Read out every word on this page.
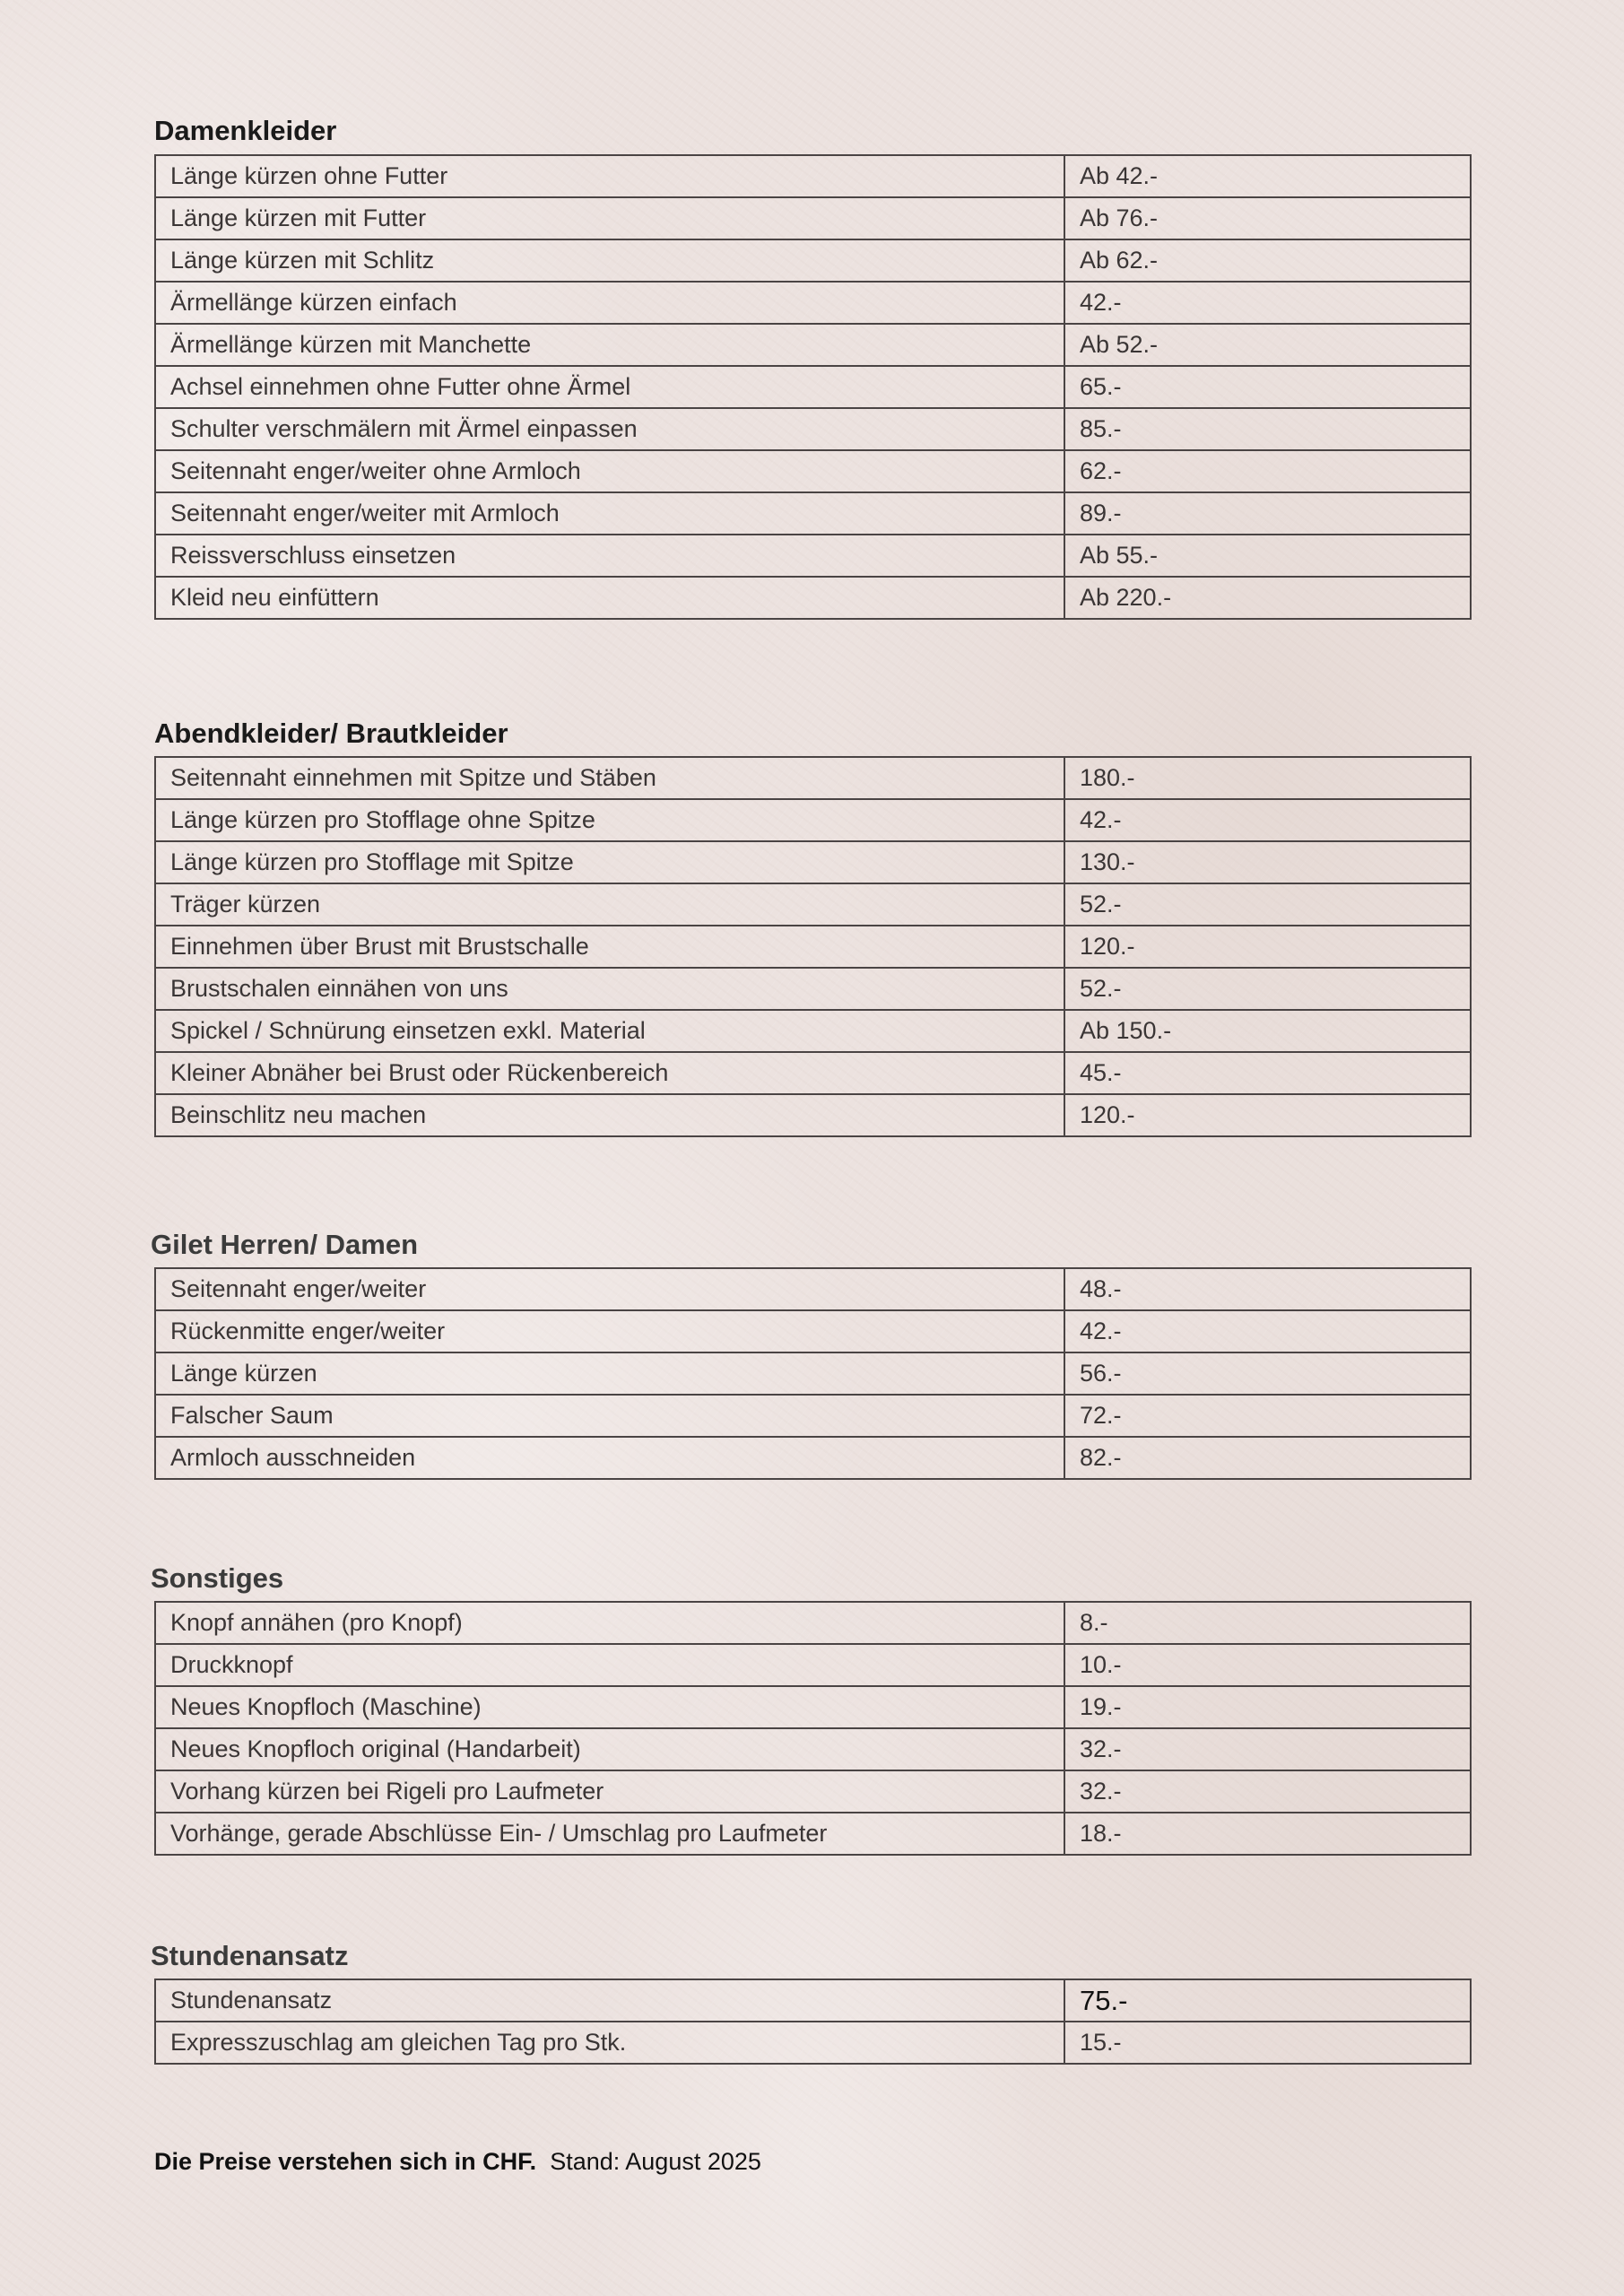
Damenkleider
Länge kürzen ohne Futter	Ab 42.-
Länge kürzen mit Futter	Ab 76.-
Länge kürzen mit Schlitz	Ab 62.-
Ärmellänge kürzen einfach	42.-
Ärmellänge kürzen mit Manchette	Ab 52.-
Achsel einnehmen ohne Futter ohne Ärmel	65.-
Schulter verschmälern mit Ärmel einpassen	85.-
Seitennaht enger/weiter ohne Armloch	62.-
Seitennaht enger/weiter mit Armloch	89.-
Reissverschluss einsetzen	Ab 55.-
Kleid neu einfüttern	Ab 220.-
Abendkleider/ Brautkleider
Seitennaht einnehmen mit Spitze und Stäben	180.-
Länge kürzen pro Stofflage ohne Spitze	42.-
Länge kürzen pro Stofflage mit Spitze	130.-
Träger kürzen	52.-
Einnehmen über Brust mit Brustschalle	120.-
Brustschalen einnähen von uns	52.-
Spickel / Schnürung einsetzen exkl. Material	Ab 150.-
Kleiner Abnäher bei Brust oder Rückenbereich	45.-
Beinschlitz neu machen	120.-
Gilet Herren/ Damen
Seitennaht enger/weiter	48.-
Rückenmitte enger/weiter	42.-
Länge kürzen	56.-
Falscher Saum	72.-
Armloch ausschneiden	82.-
Sonstiges
Knopf annähen (pro Knopf)	8.-
Druckknopf	10.-
Neues Knopfloch (Maschine)	19.-
Neues Knopfloch original (Handarbeit)	32.-
Vorhang kürzen bei Rigeli pro Laufmeter	32.-
Vorhänge, gerade Abschlüsse Ein- / Umschlag pro Laufmeter	18.-
Stundenansatz
Stundenansatz	75.-
Expresszuschlag am gleichen Tag pro Stk.	15.-
Die Preise verstehen sich in CHF. Stand: August 2025
